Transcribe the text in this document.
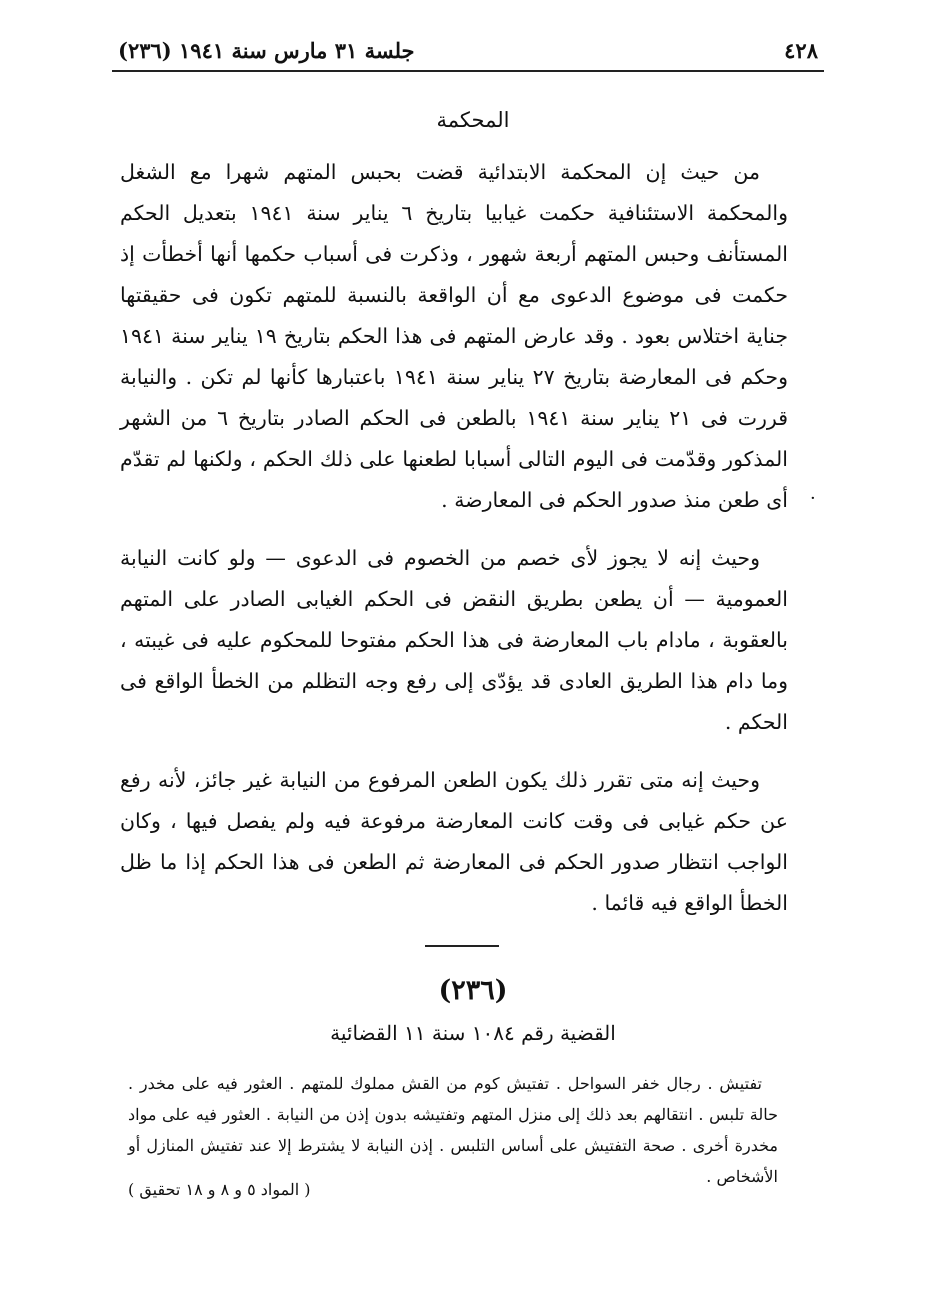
٤٢٨
جلسة ٣١ مارس سنة ١٩٤١ (٢٣٦)
المحكمة

من حيث إن المحكمة الابتدائية قضت بحبس المتهم شهرا مع الشغل والمحكمة الاستئنافية حكمت غيابيا بتاريخ ٦ يناير سنة ١٩٤١ بتعديل الحكم المستأنف وحبس المتهم أربعة شهور ، وذكرت فى أسباب حكمها أنها أخطأت إذ حكمت فى موضوع الدعوى مع أن الواقعة بالنسبة للمتهم تكون فى حقيقتها جناية اختلاس بعود . وقد عارض المتهم فى هذا الحكم بتاريخ ١٩ يناير سنة ١٩٤١ وحكم فى المعارضة بتاريخ ٢٧ يناير سنة ١٩٤١ باعتبارها كأنها لم تكن . والنيابة قررت فى ٢١ يناير سنة ١٩٤١ بالطعن فى الحكم الصادر بتاريخ ٦ من الشهر المذكور وقدّمت فى اليوم التالى أسبابا لطعنها على ذلك الحكم ، ولكنها لم تقدّم أى طعن منذ صدور الحكم فى المعارضة .

وحيث إنه لا يجوز لأى خصم من الخصوم فى الدعوى — ولو كانت النيابة العمومية — أن يطعن بطريق النقض فى الحكم الغيابى الصادر على المتهم بالعقوبة ، مادام باب المعارضة فى هذا الحكم مفتوحا للمحكوم عليه فى غيبته ، وما دام هذا الطريق العادى قد يؤدّى إلى رفع وجه التظلم من الخطأ الواقع فى الحكم .

وحيث إنه متى تقرر ذلك يكون الطعن المرفوع من النيابة غير جائز، لأنه رفع عن حكم غيابى فى وقت كانت المعارضة مرفوعة فيه ولم يفصل فيها ، وكان الواجب انتظار صدور الحكم فى المعارضة ثم الطعن فى هذا الحكم إذا ما ظل الخطأ الواقع فيه قائما .

·
(٢٣٦)
القضية رقم ١٠٨٤ سنة ١١ القضائية

تفتيش . رجال خفر السواحل . تفتيش كوم من القش مملوك للمتهم . العثور فيه على مخدر . حالة تلبس . انتقالهم بعد ذلك إلى منزل المتهم وتفتيشه بدون إذن من النيابة . العثور فيه على مواد مخدرة أخرى . صحة التفتيش على أساس التلبس . إذن النيابة لا يشترط إلا عند تفتيش المنازل أو الأشخاص .

( المواد ٥ و ٨ و ١٨ تحقيق )
